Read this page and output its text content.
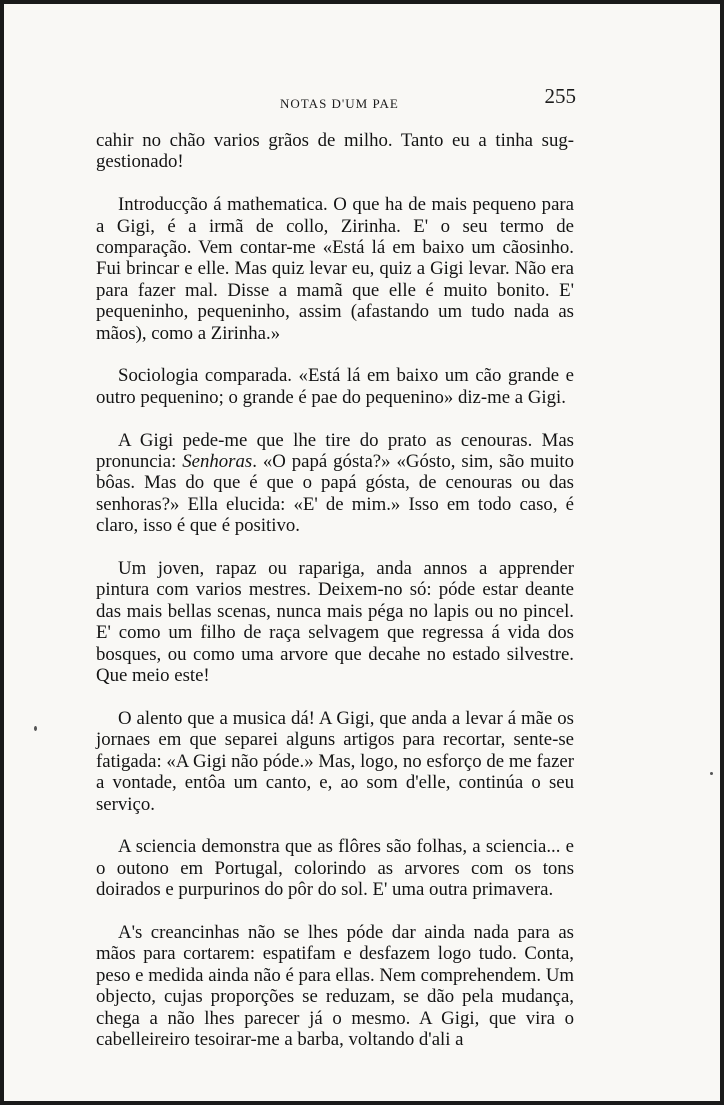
NOTAS D'UM PAE	255

cahir no chão varios grãos de milho. Tanto eu a tinha sug-gestionado!

Introducção á mathematica. O que ha de mais pequeno para a Gigi, é a irmã de collo, Zirinha. E' o seu termo de comparação. Vem contar-me «Está lá em baixo um cãosinho. Fui brincar e elle. Mas quiz levar eu, quiz a Gigi levar. Não era para fazer mal. Disse a mamã que elle é muito bonito. E' pequeninho, pequeninho, assim (afastando um tudo nada as mãos), como a Zirinha.»

Sociologia comparada. «Está lá em baixo um cão grande e outro pequenino; o grande é pae do pequenino» diz-me a Gigi.

A Gigi pede-me que lhe tire do prato as cenouras. Mas pronuncia: Senhoras. «O papá gósta?» «Gósto, sim, são muito bôas. Mas do que é que o papá gósta, de cenouras ou das senhoras?» Ella elucida: «E' de mim.» Isso em todo caso, é claro, isso é que é positivo.

Um joven, rapaz ou rapariga, anda annos a apprender pintura com varios mestres. Deixem-no só: póde estar deante das mais bellas scenas, nunca mais péga no lapis ou no pincel. E' como um filho de raça selvagem que regressa á vida dos bosques, ou como uma arvore que decahe no estado silvestre. Que meio este!

O alento que a musica dá! A Gigi, que anda a levar á mãe os jornaes em que separei alguns artigos para recortar, sente-se fatigada: «A Gigi não póde.» Mas, logo, no esforço de me fazer a vontade, entôa um canto, e, ao som d'elle, continúa o seu serviço.

A sciencia demonstra que as flôres são folhas, a sciencia... e o outono em Portugal, colorindo as arvores com os tons doirados e purpurinos do pôr do sol. E' uma outra primavera.

A's creancinhas não se lhes póde dar ainda nada para as mãos para cortarem: espatifam e desfazem logo tudo. Conta, peso e medida ainda não é para ellas. Nem comprehendem. Um objecto, cujas proporções se reduzam, se dão pela mudança, chega a não lhes parecer já o mesmo. A Gigi, que vira o cabelleireiro tesoirar-me a barba, voltando d'ali a
